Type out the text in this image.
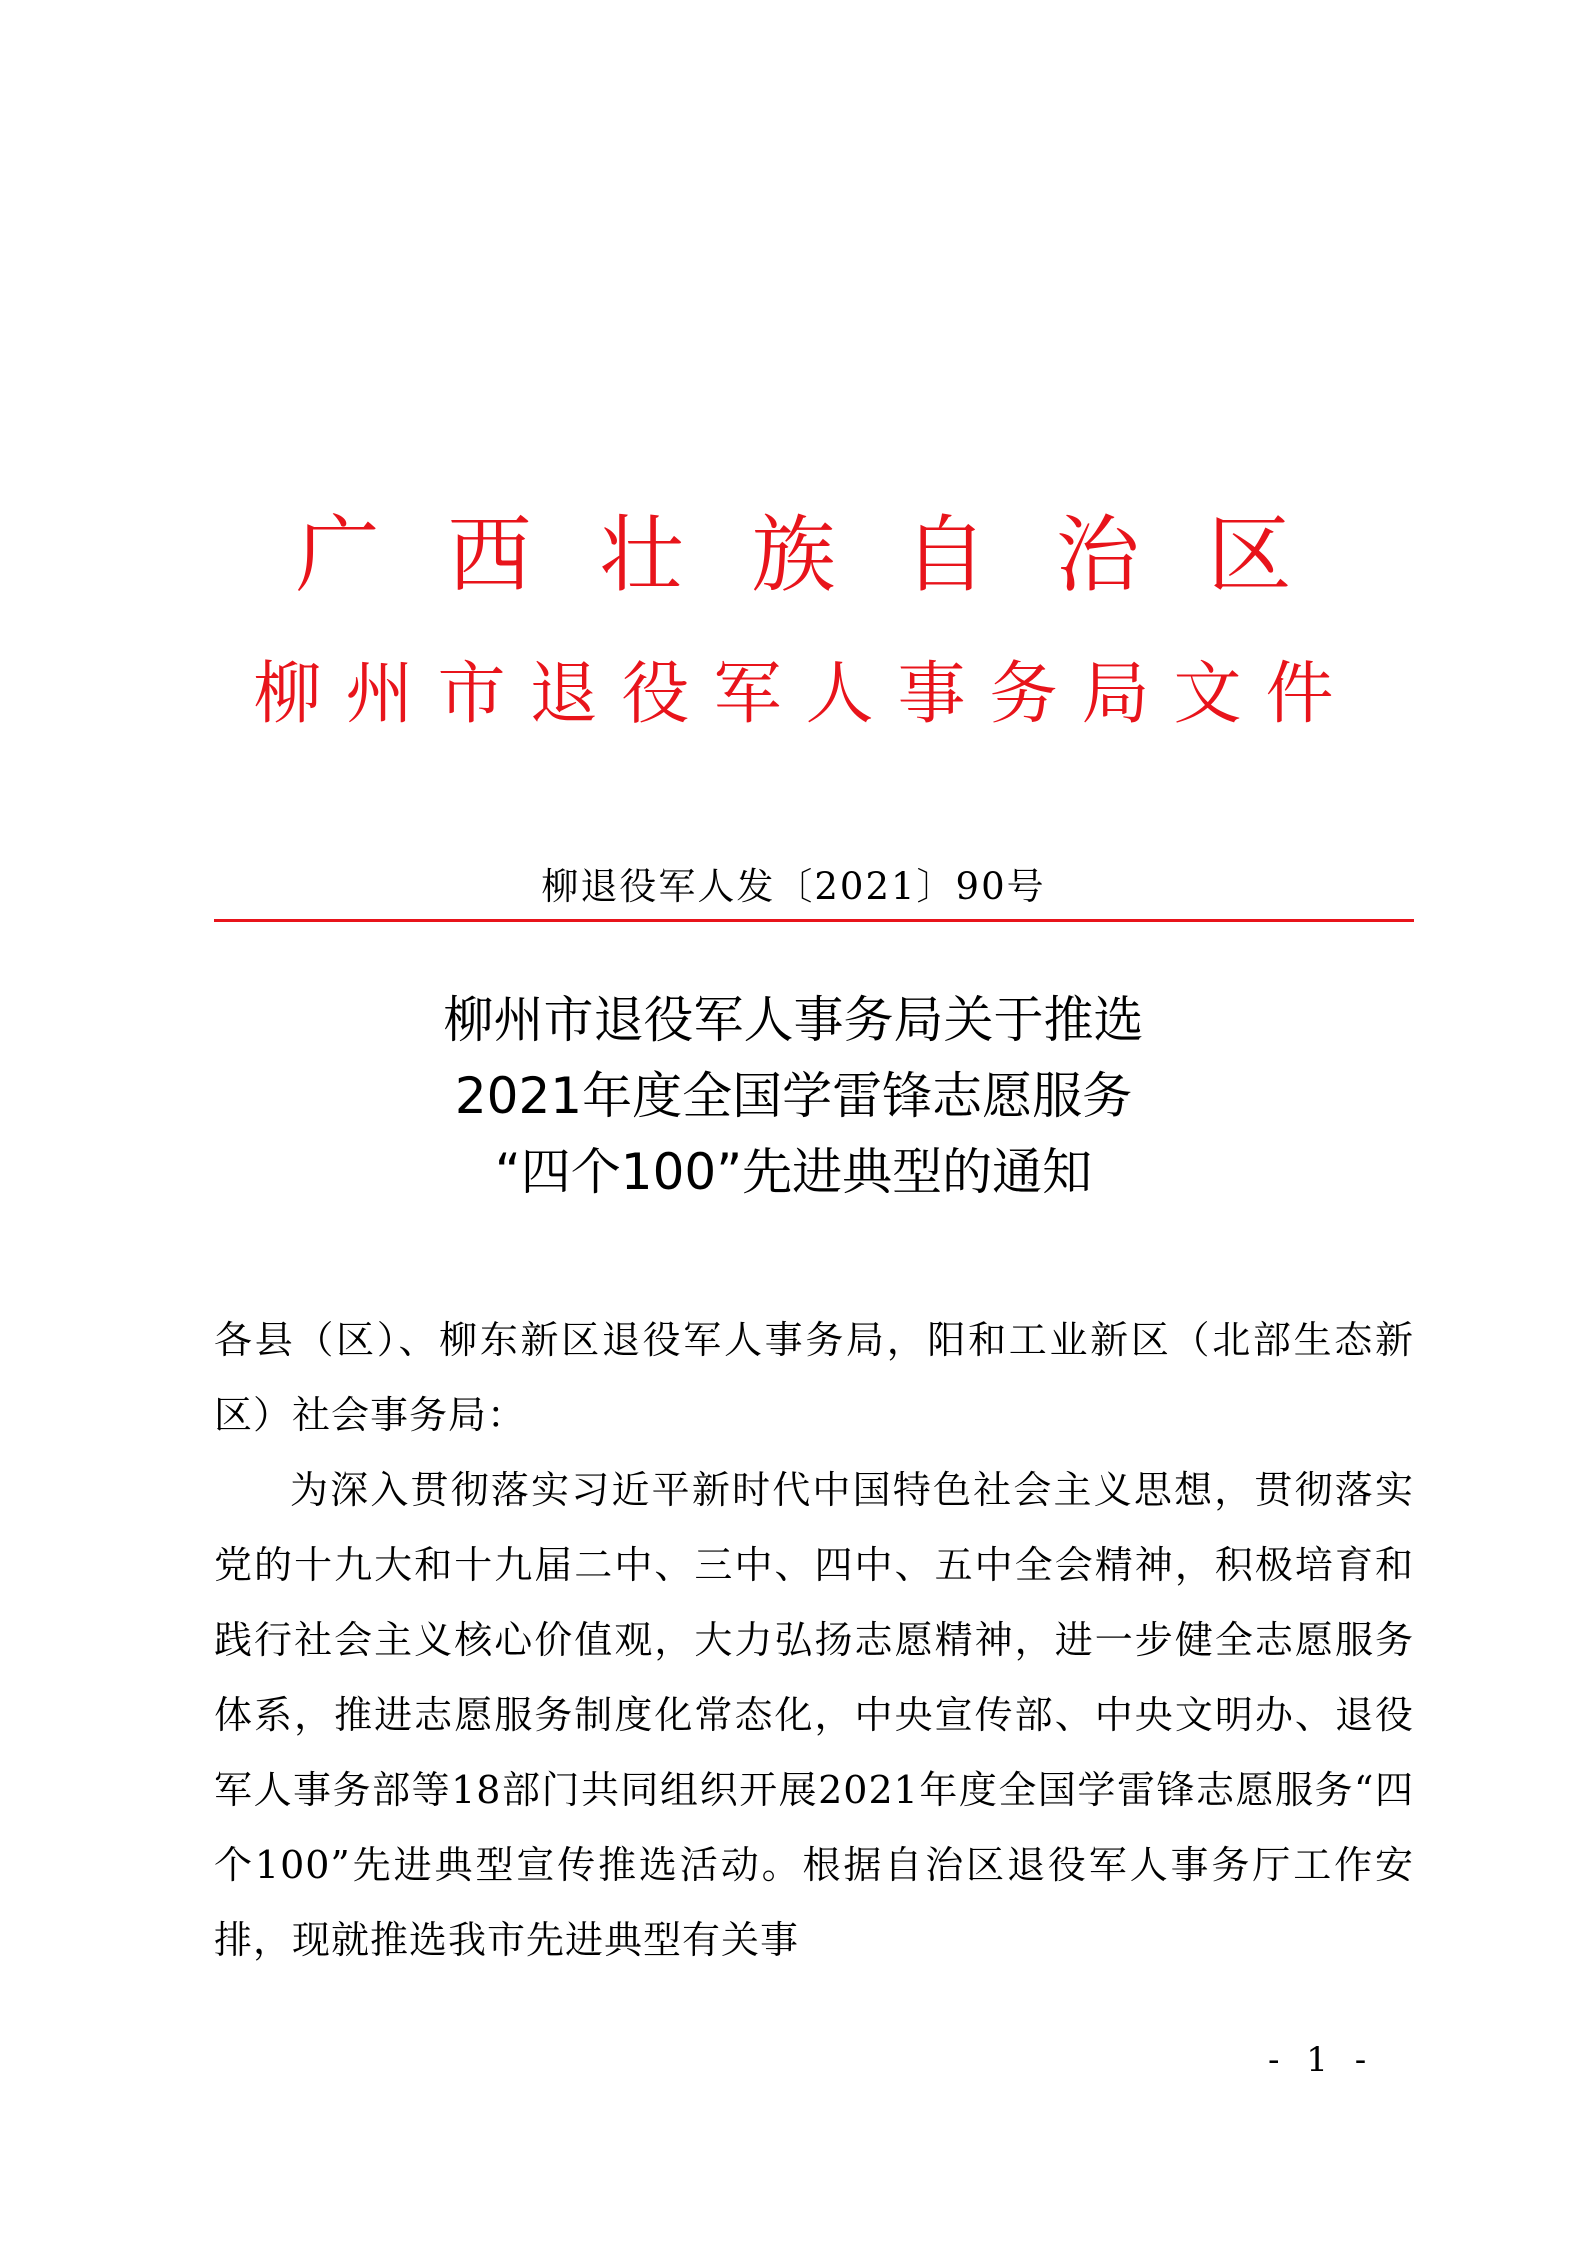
广西壮族自治区
柳州市退役军人事务局文件
柳退役军人发〔2021〕90号
柳州市退役军人事务局关于推选
2021年度全国学雷锋志愿服务
“四个100”先进典型的通知
各县（区）、柳东新区退役军人事务局，阳和工业新区（北部生态新区）社会事务局：
为深入贯彻落实习近平新时代中国特色社会主义思想，贯彻落实党的十九大和十九届二中、三中、四中、五中全会精神，积极培育和践行社会主义核心价值观，大力弘扬志愿精神，进一步健全志愿服务体系，推进志愿服务制度化常态化，中央宣传部、中央文明办、退役军人事务部等18部门共同组织开展2021年度全国学雷锋志愿服务“四个100”先进典型宣传推选活动。根据自治区退役军人事务厅工作安排，现就推选我市先进典型有关事
- 1 -
